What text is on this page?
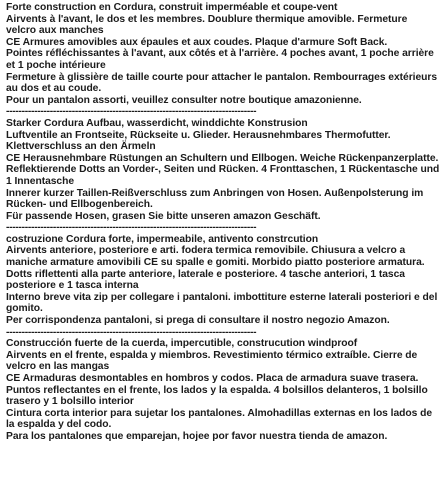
Forte construction en Cordura, construit imperméable et coupe-vent
Airvents à l'avant, le dos et les membres. Doublure thermique amovible. Fermeture velcro aux manches
CE Armures amovibles aux épaules et aux coudes. Plaque d'armure Soft Back.
Pointes réfléchissantes à l'avant, aux côtés et à l'arrière. 4 poches avant, 1 poche arrière et 1 poche intérieure
Fermeture à glissière de taille courte pour attacher le pantalon. Rembourrages extérieurs au dos et au coude.
Pour un pantalon assorti, veuillez consulter notre boutique amazonienne.
--------------------------------------------------------------------------------
Starker Cordura Aufbau, wasserdicht, winddichte Konstrusion
Luftventile an Frontseite, Rückseite u. Glieder. Herausnehmbares Thermofutter. Klettverschluss an den Ärmeln
CE Herausnehmbare Rüstungen an Schultern und Ellbogen. Weiche Rückenpanzerplatte.
Reflektierende Dotts an Vorder-, Seiten und Rücken. 4 Fronttaschen, 1 Rückentasche und 1 Innentasche
Innerer kurzer Taillen-Reißverschluss zum Anbringen von Hosen. Außenpolsterung im Rücken- und Ellbogenbereich.
Für passende Hosen, grasen Sie bitte unseren amazon Geschäft.
--------------------------------------------------------------------------------
costruzione Cordura forte, impermeabile, antivento constrcution
Airvents anteriore, posteriore e arti. fodera termica removibile. Chiusura a velcro a maniche armature amovibili CE su spalle e gomiti. Morbido piatto posteriore armatura.
Dotts riflettenti alla parte anteriore, laterale e posteriore. 4 tasche anteriori, 1 tasca posteriore e 1 tasca interna
Interno breve vita zip per collegare i pantaloni. imbottiture esterne laterali posteriori e del gomito.
Per corrispondenza pantaloni, si prega di consultare il nostro negozio Amazon.
--------------------------------------------------------------------------------
Construcción fuerte de la cuerda, impercutible, construcution windproof
Airvents en el frente, espalda y miembros. Revestimiento térmico extraíble. Cierre de velcro en las mangas
CE Armaduras desmontables en hombros y codos. Placa de armadura suave trasera.
Puntos reflectantes en el frente, los lados y la espalda. 4 bolsillos delanteros, 1 bolsillo trasero y 1 bolsillo interior
Cintura corta interior para sujetar los pantalones. Almohadillas externas en los lados de la espalda y del codo.
Para los pantalones que emparejan, hojee por favor nuestra tienda de amazon.
